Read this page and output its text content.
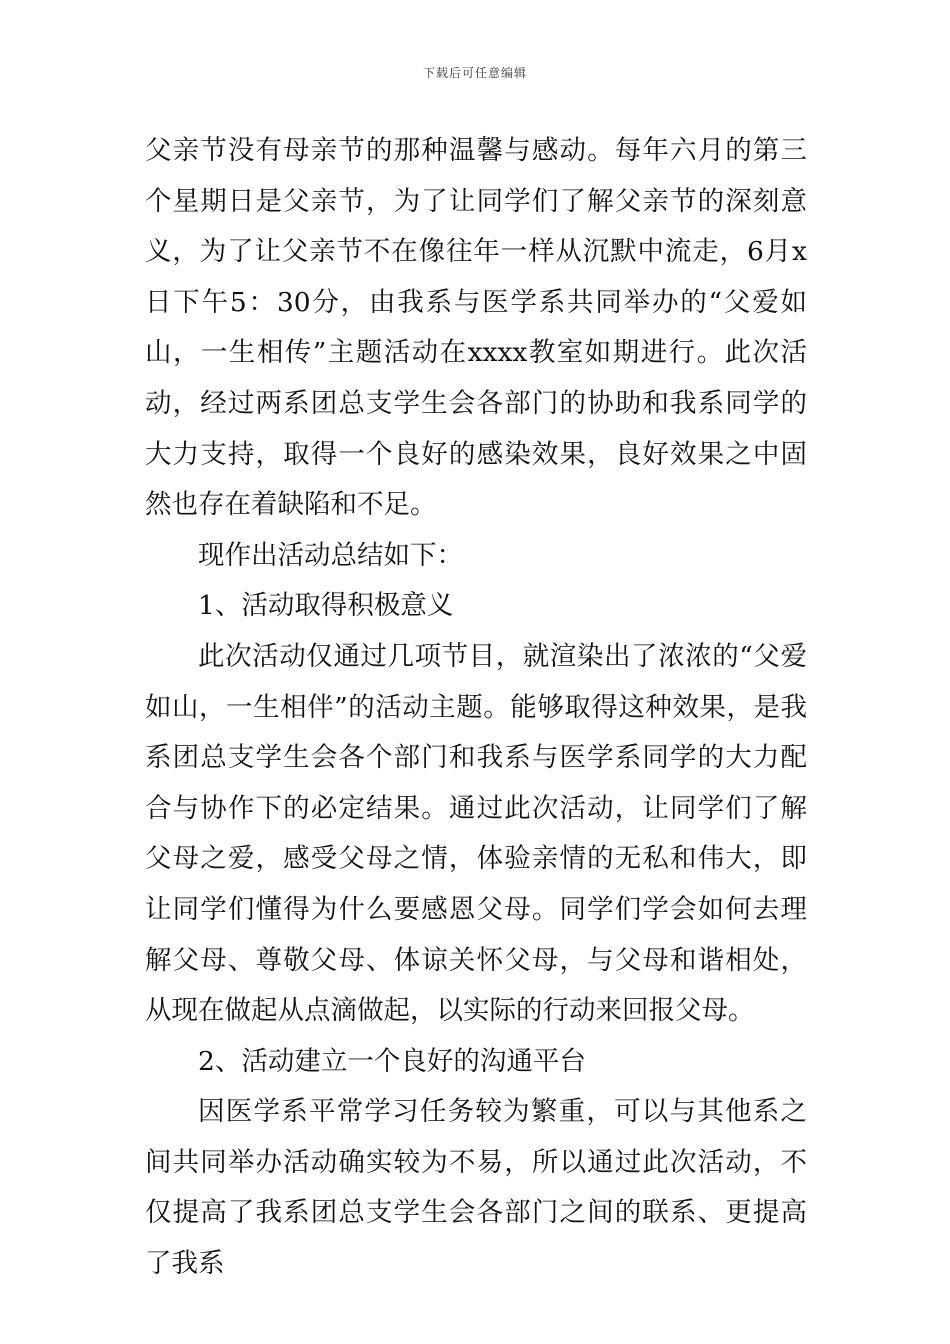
下载后可任意编辑

父亲节没有母亲节的那种温馨与感动。每年六月的第三个星期日是父亲节，为了让同学们了解父亲节的深刻意义，为了让父亲节不在像往年一样从沉默中流走，6月x日下午5：30分，由我系与医学系共同举办的“父爱如山，一生相传”主题活动在xxxx教室如期进行。此次活动，经过两系团总支学生会各部门的协助和我系同学的大力支持，取得一个良好的感染效果，良好效果之中固然也存在着缺陷和不足。

现作出活动总结如下：

1、活动取得积极意义

此次活动仅通过几项节目，就渲染出了浓浓的“父爱如山，一生相伴”的活动主题。能够取得这种效果，是我系团总支学生会各个部门和我系与医学系同学的大力配合与协作下的必定结果。通过此次活动，让同学们了解父母之爱，感受父母之情，体验亲情的无私和伟大，即让同学们懂得为什么要感恩父母。同学们学会如何去理解父母、尊敬父母、体谅关怀父母，与父母和谐相处，从现在做起从点滴做起，以实际的行动来回报父母。

2、活动建立一个良好的沟通平台

因医学系平常学习任务较为繁重，可以与其他系之间共同举办活动确实较为不易，所以通过此次活动，不仅提高了我系团总支学生会各部门之间的联系、更提高了我系
